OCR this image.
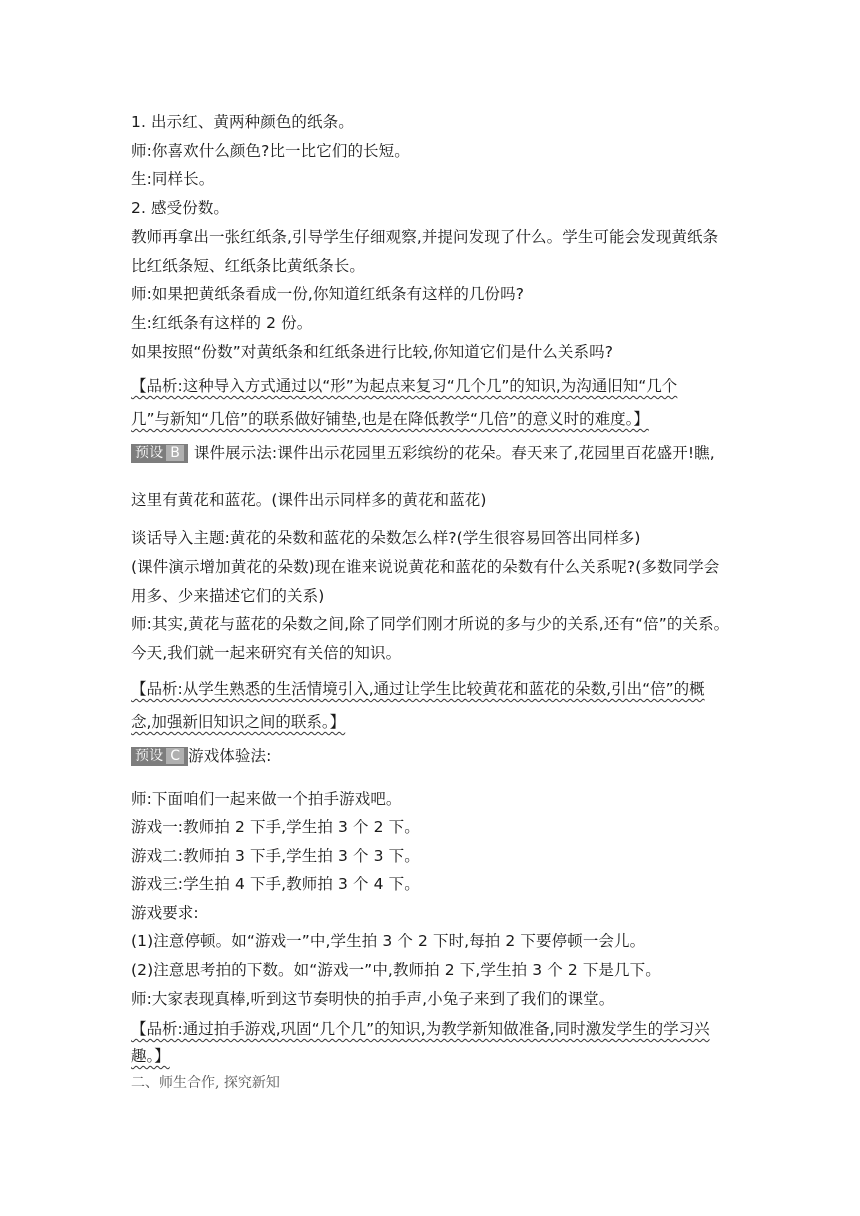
1. 出示红、黄两种颜色的纸条。
师:你喜欢什么颜色?比一比它们的长短。
生:同样长。
2. 感受份数。
教师再拿出一张红纸条,引导学生仔细观察,并提问发现了什么。学生可能会发现黄纸条
比红纸条短、红纸条比黄纸条长。
师:如果把黄纸条看成一份,你知道红纸条有这样的几份吗?
生:红纸条有这样的 2 份。
如果按照“份数”对黄纸条和红纸条进行比较,你知道它们是什么关系吗?
【品析:这种导入方式通过以“形”为起点来复习“几个几”的知识,为沟通旧知“几个
几”与新知“几倍”的联系做好铺垫,也是在降低教学“几倍”的意义时的难度。】
预设 B 课件展示法:课件出示花园里五彩缤纷的花朵。春天来了,花园里百花盛开!瞧,
这里有黄花和蓝花。(课件出示同样多的黄花和蓝花)
谈话导入主题:黄花的朵数和蓝花的朵数怎么样?(学生很容易回答出同样多)
(课件演示增加黄花的朵数)现在谁来说说黄花和蓝花的朵数有什么关系呢?(多数同学会
用多、少来描述它们的关系)
师:其实,黄花与蓝花的朵数之间,除了同学们刚才所说的多与少的关系,还有“倍”的关系。
今天,我们就一起来研究有关倍的知识。
【品析:从学生熟悉的生活情境引入,通过让学生比较黄花和蓝花的朵数,引出“倍”的概
念,加强新旧知识之间的联系。】
预设 C 游戏体验法:
师:下面咱们一起来做一个拍手游戏吧。
游戏一:教师拍 2 下手,学生拍 3 个 2 下。
游戏二:教师拍 3 下手,学生拍 3 个 3 下。
游戏三:学生拍 4 下手,教师拍 3 个 4 下。
游戏要求:
(1)注意停顿。如“游戏一”中,学生拍 3 个 2 下时,每拍 2 下要停顿一会儿。
(2)注意思考拍的下数。如“游戏一”中,教师拍 2 下,学生拍 3 个 2 下是几下。
师:大家表现真棒,听到这节奏明快的拍手声,小兔子来到了我们的课堂。
【品析:通过拍手游戏,巩固“几个几”的知识,为教学新知做准备,同时激发学生的学习兴
趣。】
二、师生合作, 探究新知
